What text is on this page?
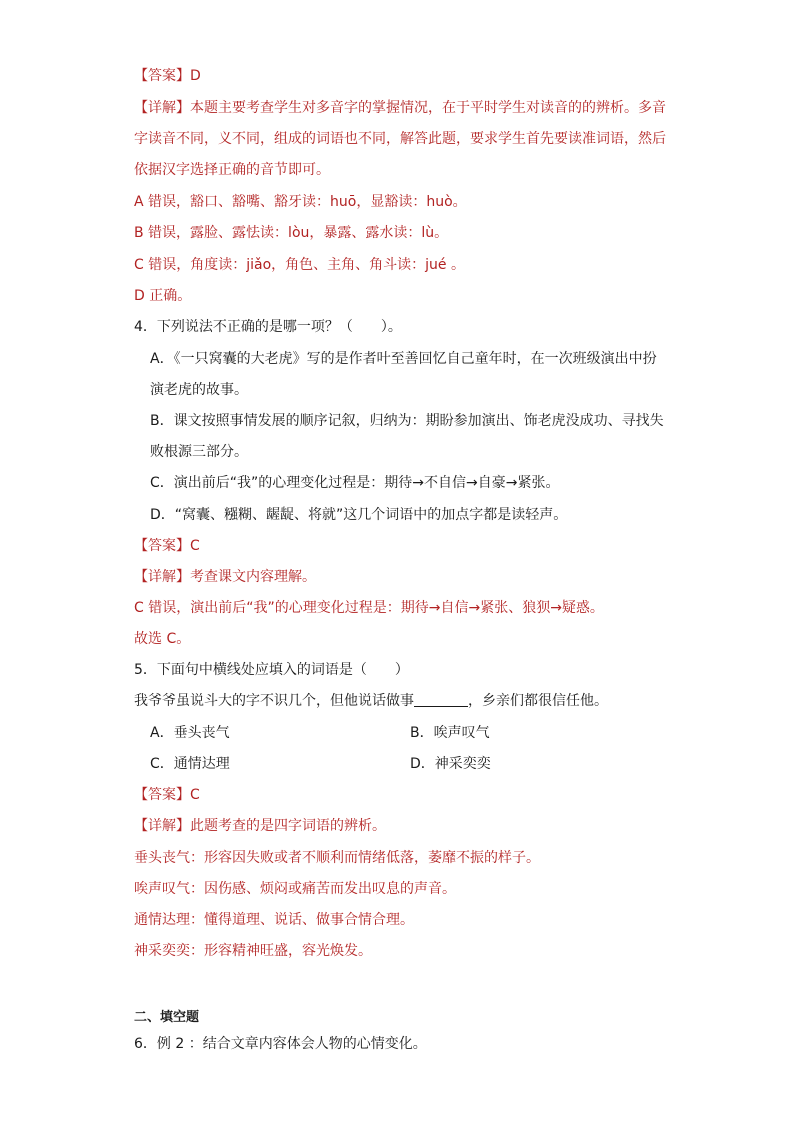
【答案】D
【详解】本题主要考查学生对多音字的掌握情况，在于平时学生对读音的的辨析。多音
字读音不同，义不同，组成的词语也不同，解答此题，要求学生首先要读准词语，然后
依据汉字选择正确的音节即可。
A 错误，豁口、豁嘴、豁牙读：huō，显豁读：huò。
B 错误，露脸、露怯读：lòu，暴露、露水读：lù。
C 错误，角度读：jiǎo，角色、主角、角斗读：jué 。
D 正确。
4．下列说法不正确的是哪一项？（　　）。
A．《一只窝囊的大老虎》写的是作者叶至善回忆自己童年时，在一次班级演出中扮
演老虎的故事。
B．课文按照事情发展的顺序记叙，归纳为：期盼参加演出、饰老虎没成功、寻找失
败根源三部分。
C．演出前后“我”的心理变化过程是：期待→不自信→自豪→紧张。
D．“窝囊、糨糊、龌龊、将就”这几个词语中的加点字都是读轻声。
【答案】C
【详解】考查课文内容理解。
C 错误，演出前后“我”的心理变化过程是：期待→自信→紧张、狼狈→疑惑。
故选 C。
5．下面句中横线处应填入的词语是（　　）
我爷爷虽说斗大的字不识几个，但他说话做事	，乡亲们都很信任他。
A．垂头丧气	B．唉声叹气
C．通情达理	D．神采奕奕
【答案】C
【详解】此题考查的是四字词语的辨析。
垂头丧气：形容因失败或者不顺利而情绪低落，萎靡不振的样子。
唉声叹气：因伤感、烦闷或痛苦而发出叹息的声音。
通情达理：懂得道理、说话、做事合情合理。
神采奕奕：形容精神旺盛，容光焕发。
二、填空题
6．例 2 ：结合文章内容体会人物的心情变化。
